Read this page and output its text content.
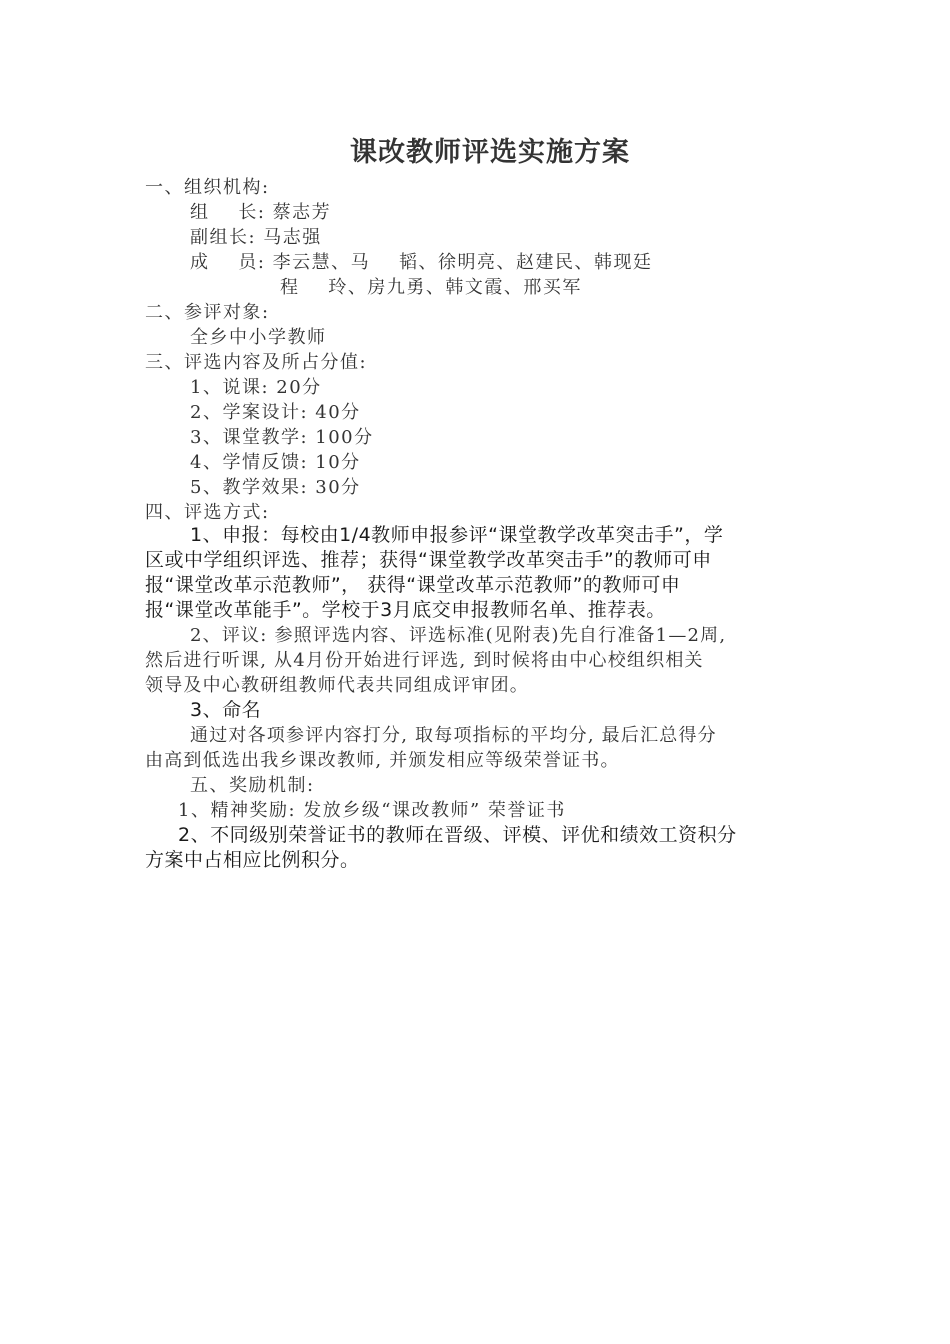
课改教师评选实施方案
一、组织机构:
组    长: 蔡志芳
副组长: 马志强
成    员: 李云慧、马    韬、徐明亮、赵建民、韩现廷
程    玲、房九勇、韩文霞、邢买军
二、参评对象:
全乡中小学教师
三、评选内容及所占分值:
1、说课: 20分
2、学案设计: 40分
3、课堂教学: 100分
4、学情反馈: 10分
5、教学效果: 30分
四、评选方式:
1、申报：每校由1/4教师申报参评“课堂教学改革突击手”，学
区或中学组织评选、推荐；获得“课堂教学改革突击手”的教师可申
报“课堂改革示范教师”， 获得“课堂改革示范教师”的教师可申
报“课堂改革能手”。学校于3月底交申报教师名单、推荐表。
2、评议: 参照评选内容、评选标准(见附表)先自行准备1—2周,
然后进行听课, 从4月份开始进行评选, 到时候将由中心校组织相关
领导及中心教研组教师代表共同组成评审团。
3、命名
通过对各项参评内容打分, 取每项指标的平均分, 最后汇总得分
由高到低选出我乡课改教师, 并颁发相应等级荣誉证书。
五、奖励机制:
1、精神奖励: 发放乡级“课改教师” 荣誉证书
2、不同级别荣誉证书的教师在晋级、评模、评优和绩效工资积分
方案中占相应比例积分。
